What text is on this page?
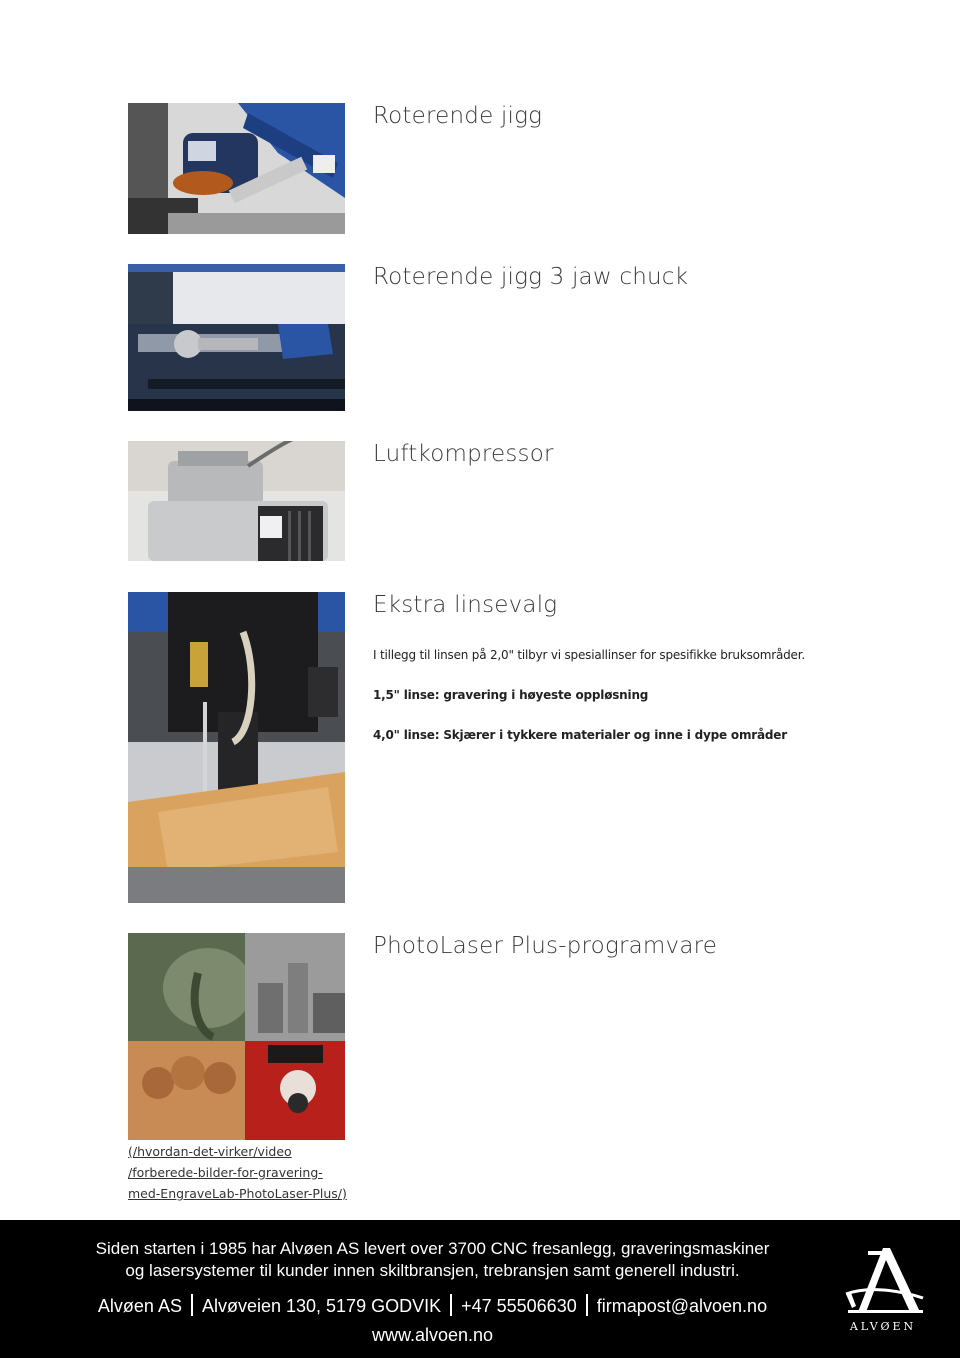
Roterende jigg
Roterende jigg 3 jaw chuck
Luftkompressor
Ekstra linsevalg
I tillegg til linsen på 2,0" tilbyr vi spesiallinser for spesifikke bruksområder.
1,5" linse: gravering i høyeste oppløsning
4,0" linse: Skjærer i tykkere materialer og inne i dype områder
PhotoLaser Plus-programvare
(/hvordan-det-virker/video
/forberede-bilder-for-gravering-
med-EngraveLab-PhotoLaser-Plus/)
Siden starten i 1985 har Alvøen AS levert over 3700 CNC fresanlegg, graveringsmaskiner
og lasersystemer til kunder innen skiltbransjen, trebransjen samt generell industri.
Alvøen AS Alvøveien 130, 5179 GODVIK +47 55506630 firmapost@alvoen.no
www.alvoen.no	ALVØEN
